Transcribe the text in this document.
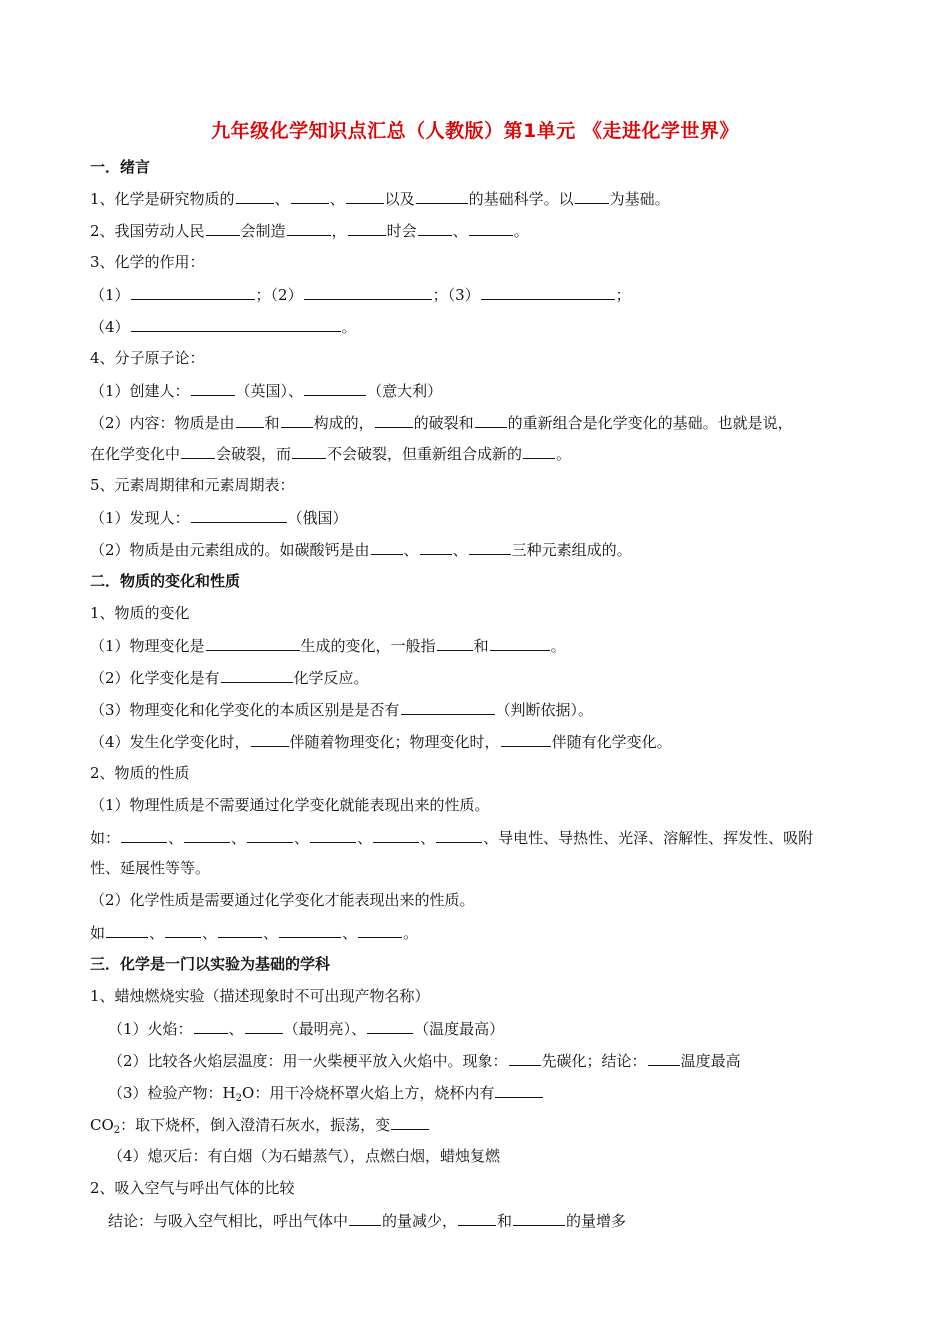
九年级化学知识点汇总（人教版）第1单元 《走进化学世界》
一．绪言
1、化学是研究物质的	、	、	以及	的基础科学。以 为基础。
2、我国劳动人民 会制造	，	时会 、	。
3、化学的作用：
（1）	；（2）	；（3）	；
（4）	。
4、分子原子论：
（1）创建人：	（英国）、	（意大利）
（2）内容：物质是由 和 构成的，	的破裂和 的重新组合是化学变化的基础。也就是说，
在化学变化中 会破裂，而 不会破裂，但重新组合成新的 。
5、元素周期律和元素周期表：
（1）发现人：	（俄国）
（2）物质是由元素组成的。如碳酸钙是由 、 、	三种元素组成的。
二．物质的变化和性质
1、物质的变化
（1）物理变化是	生成的变化，一般指	和	。
（2）化学变化是有	化学反应。
（3）物理变化和化学变化的本质区别是是否有	（判断依据）。
（4）发生化学变化时，	伴随着物理变化；物理变化时，	伴随有化学变化。
2、物质的性质
（1）物理性质是不需要通过化学变化就能表现出来的性质。
如：	、	、	、	、	、	、导电性、导热性、光泽、溶解性、挥发性、吸附
性、延展性等等。
（2）化学性质是需要通过化学变化才能表现出来的性质。
如	、	、	、	、	。
三．化学是一门以实验为基础的学科
1、蜡烛燃烧实验（描述现象时不可出现产物名称）
（1）火焰： 、	（最明亮）、	（温度最高）
（2）比较各火焰层温度：用一火柴梗平放入火焰中。现象： 先碳化；结论： 温度最高
（3）检验产物：$H_2O$：用干冷烧杯罩火焰上方，烧杯内有
$CO_2$：取下烧杯，倒入澄清石灰水，振荡，变
（4）熄灭后：有白烟（为石蜡蒸气），点燃白烟，蜡烛复燃
2、吸入空气与呼出气体的比较
结论：与吸入空气相比，呼出气体中 的量减少，	和	的量增多
